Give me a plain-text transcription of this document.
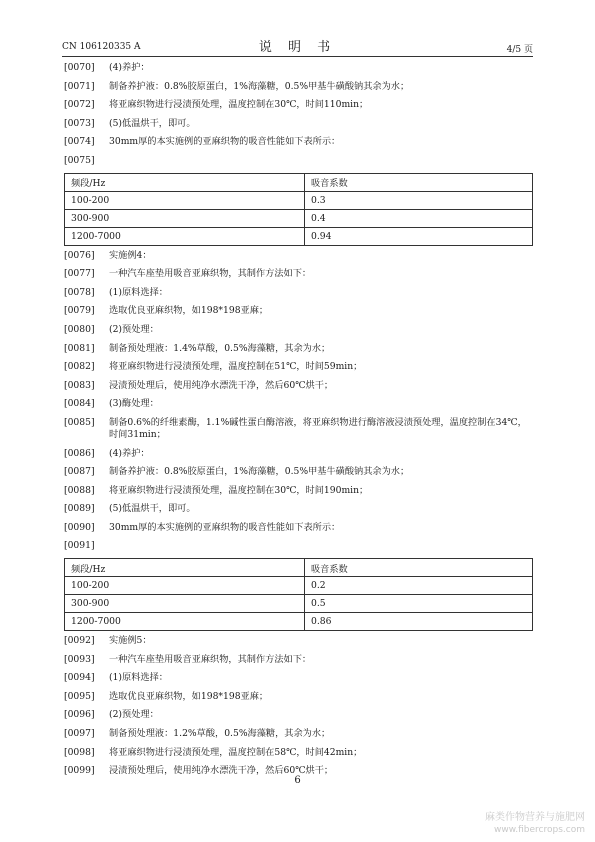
CN 106120335 A	说 明 书	4/5 页
[0070]	(4)养护：
[0071]	制备养护液：0.8%胶原蛋白，1%海藻糖，0.5%甲基牛磺酸钠其余为水；
[0072]	将亚麻织物进行浸渍预处理，温度控制在30℃，时间110min；
[0073]	(5)低温烘干，即可。
[0074]	30mm厚的本实施例的亚麻织物的吸音性能如下表所示：
[0075]
频段/Hz	吸音系数
100-200	0.3
300-900	0.4
1200-7000	0.94
[0076]	实施例4：
[0077]	一种汽车座垫用吸音亚麻织物，其制作方法如下：
[0078]	(1)原料选择：
[0079]	选取优良亚麻织物，如198*198亚麻；
[0080]	(2)预处理：
[0081]	制备预处理液：1.4%草酸，0.5%海藻糖，其余为水；
[0082]	将亚麻织物进行浸渍预处理，温度控制在51℃，时间59min；
[0083]	浸渍预处理后，使用纯净水漂洗干净，然后60℃烘干；
[0084]	(3)酶处理：
[0085]	制备0.6%的纤维素酶，1.1%碱性蛋白酶溶液，将亚麻织物进行酶溶液浸渍预处理，温度控制在34℃，时间31min；
[0086]	(4)养护：
[0087]	制备养护液：0.8%胶原蛋白，1%海藻糖，0.5%甲基牛磺酸钠其余为水；
[0088]	将亚麻织物进行浸渍预处理，温度控制在30℃，时间190min；
[0089]	(5)低温烘干，即可。
[0090]	30mm厚的本实施例的亚麻织物的吸音性能如下表所示：
[0091]
频段/Hz	吸音系数
100-200	0.2
300-900	0.5
1200-7000	0.86
[0092]	实施例5：
[0093]	一种汽车座垫用吸音亚麻织物，其制作方法如下：
[0094]	(1)原料选择：
[0095]	选取优良亚麻织物，如198*198亚麻；
[0096]	(2)预处理：
[0097]	制备预处理液：1.2%草酸，0.5%海藻糖，其余为水；
[0098]	将亚麻织物进行浸渍预处理，温度控制在58℃，时间42min；
[0099]	浸渍预处理后，使用纯净水漂洗干净，然后60℃烘干；
6
麻类作物营养与施肥网
www.fibercrops.com
